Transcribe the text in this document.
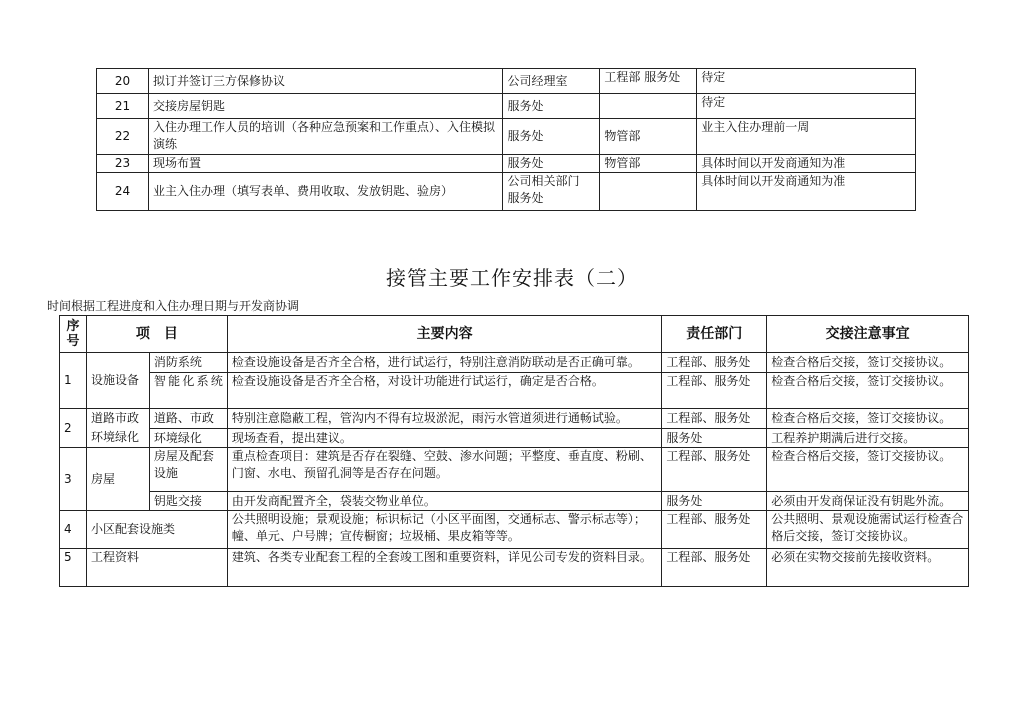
20	拟订并签订三方保修协议	公司经理室	工程部 服务处	待定
21	交接房屋钥匙	服务处		待定
22	入住办理工作人员的培训（各种应急预案和工作重点）、入住模拟演练	服务处	物管部	业主入住办理前一周
23	现场布置	服务处	物管部	具体时间以开发商通知为准
24	业主入住办理（填写表单、费用收取、发放钥匙、验房）	公司相关部门服务处		具体时间以开发商通知为准
接管主要工作安排表（二）
时间根据工程进度和入住办理日期与开发商协调
序号	项　目		主要内容	责任部门	交接注意事宜
1	设施设备	消防系统	检查设施设备是否齐全合格，进行试运行，特别注意消防联动是否正确可靠。	工程部、服务处	检查合格后交接，签订交接协议。
		智能化系统	检查设施设备是否齐全合格，对设计功能进行试运行，确定是否合格。	工程部、服务处	检查合格后交接，签订交接协议。
2	道路市政环境绿化	道路、市政	特别注意隐蔽工程，管沟内不得有垃圾淤泥，雨污水管道须进行通畅试验。	工程部、服务处	检查合格后交接，签订交接协议。
		环境绿化	现场查看，提出建议。	服务处	工程养护期满后进行交接。
3	房屋	房屋及配套设施	重点检查项目：建筑是否存在裂缝、空鼓、渗水问题；平整度、垂直度、粉刷、门窗、水电、预留孔洞等是否存在问题。	工程部、服务处	检查合格后交接，签订交接协议。
		钥匙交接	由开发商配置齐全，袋装交物业单位。	服务处	必须由开发商保证没有钥匙外流。
4	小区配套设施类		公共照明设施；景观设施；标识标记（小区平面图，交通标志、警示标志等）；幢、单元、户号牌；宣传橱窗；垃圾桶、果皮箱等等。	工程部、服务处	公共照明、景观设施需试运行检查合格后交接，签订交接协议。
5	工程资料		建筑、各类专业配套工程的全套竣工图和重要资料，详见公司专发的资料目录。	工程部、服务处	必须在实物交接前先接收资料。
